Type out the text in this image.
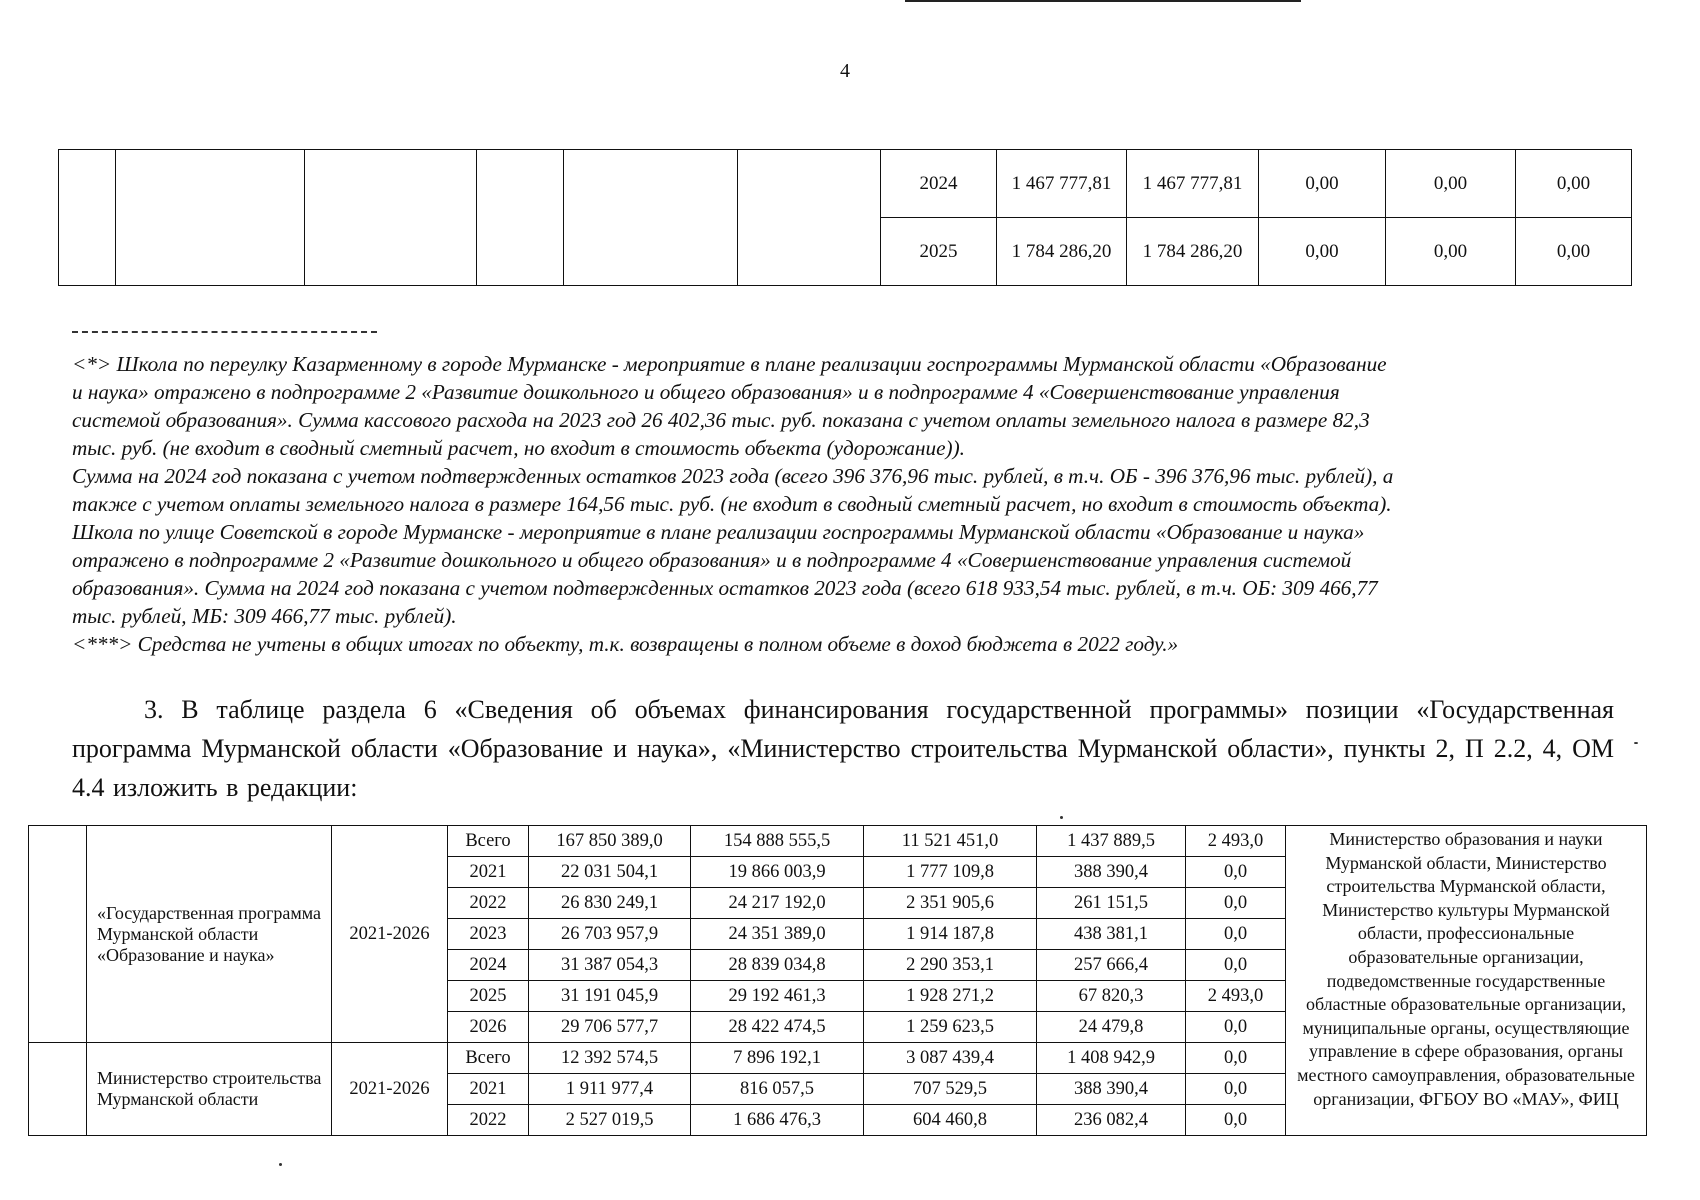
4
						2024	1 467 777,81	1 467 777,81	0,00	0,00	0,00
						2025	1 784 286,20	1 784 286,20	0,00	0,00	0,00

<*> Школа по переулку Казарменному в городе Мурманске - мероприятие в плане реализации госпрограммы Мурманской области «Образование

и наука» отражено в подпрограмме 2 «Развитие дошкольного и общего образования» и в подпрограмме 4 «Совершенствование управления

системой образования». Сумма кассового расхода на 2023 год 26 402,36 тыс. руб. показана с учетом оплаты земельного налога в размере 82,3

тыс. руб. (не входит в сводный сметный расчет, но входит в стоимость объекта (удорожание)).

Сумма на 2024 год показана с учетом подтвержденных остатков 2023 года (всего 396 376,96 тыс. рублей, в т.ч. ОБ - 396 376,96 тыс. рублей), а

также с учетом оплаты земельного налога в размере 164,56 тыс. руб. (не входит в сводный сметный расчет, но входит в стоимость объекта).

Школа по улице Советской в городе Мурманске - мероприятие в плане реализации госпрограммы Мурманской области «Образование и наука»

отражено в подпрограмме 2 «Развитие дошкольного и общего образования» и в подпрограмме 4 «Совершенствование управления системой

образования». Сумма на 2024 год показана с учетом подтвержденных остатков 2023 года (всего 618 933,54 тыс. рублей, в т.ч. ОБ: 309 466,77

тыс. рублей, МБ: 309 466,77 тыс. рублей).

<***> Средства не учтены в общих итогах по объекту, т.к. возвращены в полном объеме в доход бюджета в 2022 году.»

3. В таблице раздела 6 «Сведения об объемах финансирования государственной программы» позиции «Государственная программа Мурманской области «Образование и наука», «Министерство строительства Мурманской области», пункты 2, П 2.2, 4, ОМ 4.4 изложить в редакции:
	«Государственная программа Мурманской области «Образование и наука»	2021-2026	Всего	167 850 389,0	154 888 555,5	11 521 451,0	1 437 889,5	2 493,0	Министерство образования и науки Мурманской области, Министерство строительства Мурманской области, Министерство культуры Мурманской области, профессиональные образовательные организации, подведомственные государственные областные образовательные организации, муниципальные органы, осуществляющие управление в сфере образования, органы местного самоуправления, образовательные организации, ФГБОУ ВО «МАУ», ФИЦ
			2021	22 031 504,1	19 866 003,9	1 777 109,8	388 390,4	0,0	
			2022	26 830 249,1	24 217 192,0	2 351 905,6	261 151,5	0,0	
			2023	26 703 957,9	24 351 389,0	1 914 187,8	438 381,1	0,0	
			2024	31 387 054,3	28 839 034,8	2 290 353,1	257 666,4	0,0	
			2025	31 191 045,9	29 192 461,3	1 928 271,2	67 820,3	2 493,0	
			2026	29 706 577,7	28 422 474,5	1 259 623,5	24 479,8	0,0	
	Министерство строительства Мурманской области	2021-2026	Всего	12 392 574,5	7 896 192,1	3 087 439,4	1 408 942,9	0,0	
			2021	1 911 977,4	816 057,5	707 529,5	388 390,4	0,0	
			2022	2 527 019,5	1 686 476,3	604 460,8	236 082,4	0,0	
